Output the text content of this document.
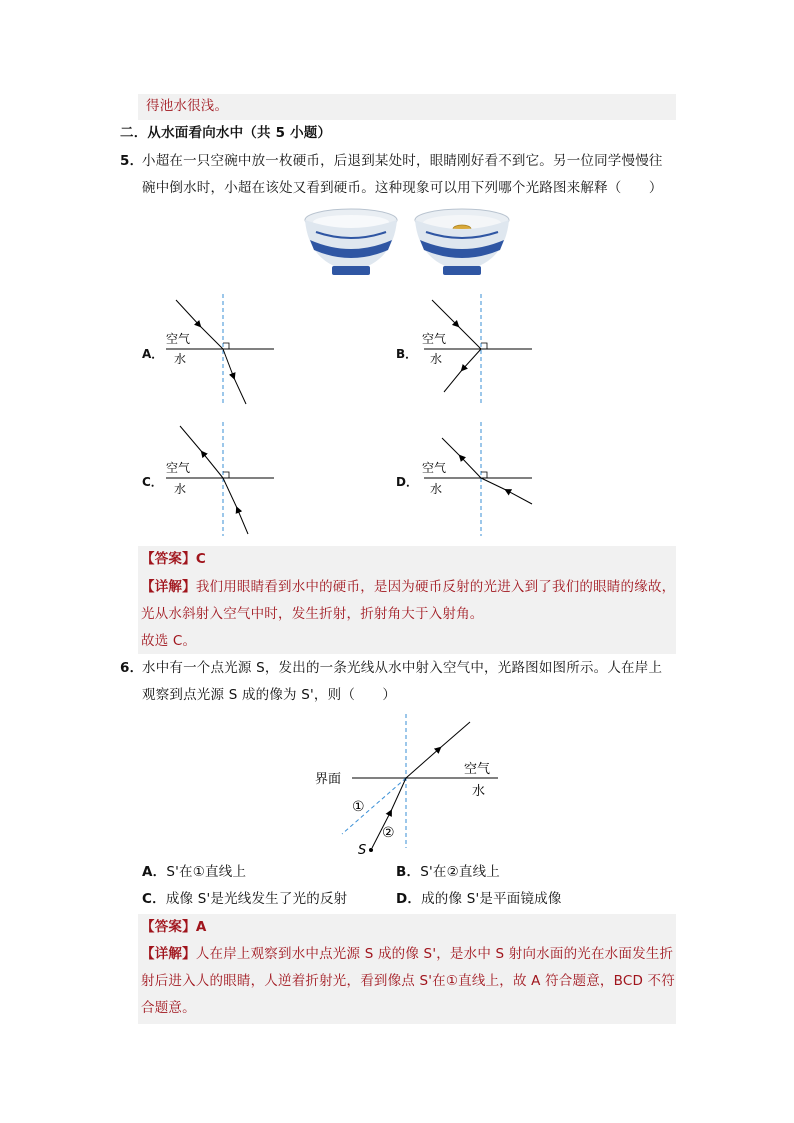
得池水很浅。
二．从水面看向水中（共 5 小题）
5．
小超在一只空碗中放一枚硬币，后退到某处时，眼睛刚好看不到它。另一位同学慢慢往
碗中倒水时，小超在该处又看到硬币。这种现象可以用下列哪个光路图来解释（　　）
A．
空气
水	B．
空气
水
C．
空气
水	D．
空气
水
【答案】C
【详解】我们用眼睛看到水中的硬币，是因为硬币反射的光进入到了我们的眼睛的缘故，
光从水斜射入空气中时，发生折射，折射角大于入射角。
故选 C。
6．
水中有一个点光源 S，发出的一条光线从水中射入空气中，光路图如图所示。人在岸上
观察到点光源 S 成的像为 S'，则（　　）
界面
空气
水
①
②
S
A．S'在①直线上	B．S'在②直线上
C．成像 S'是光线发生了光的反射	D．成的像 S'是平面镜成像
【答案】A
【详解】人在岸上观察到水中点光源 S 成的像 S'，是水中 S 射向水面的光在水面发生折
射后进入人的眼睛，人逆着折射光，看到像点 S'在①直线上，故 A 符合题意，BCD 不符
合题意。
